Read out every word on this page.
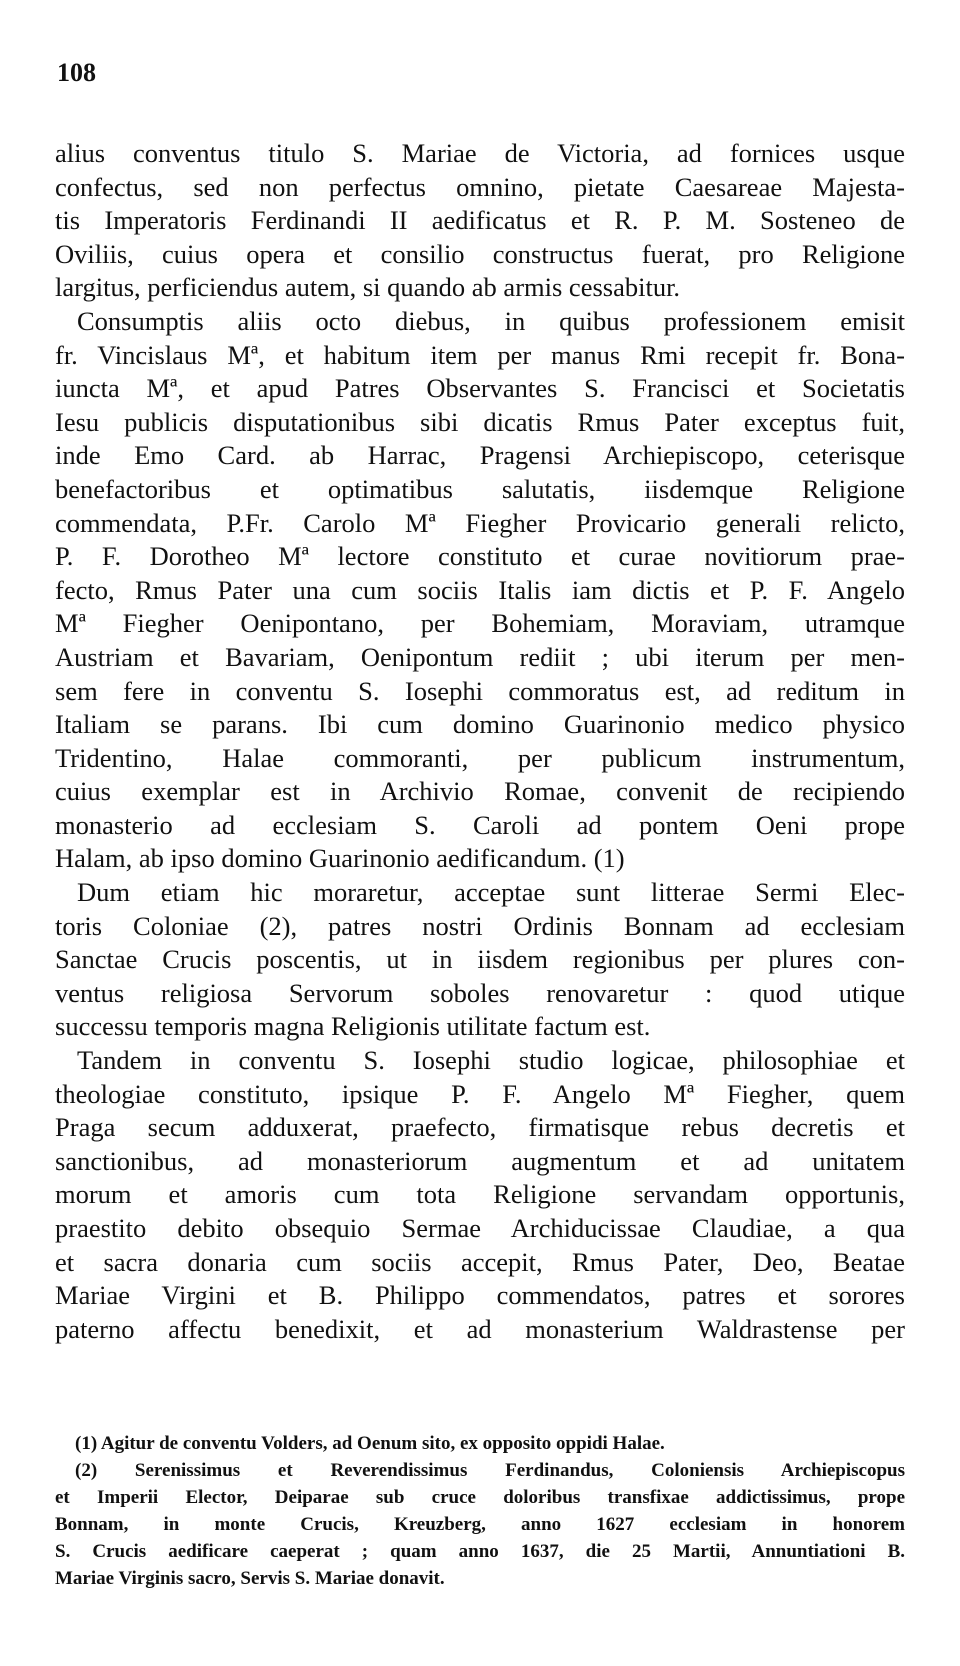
108
alius conventus titulo S. Mariae de Victoria, ad fornices usque
confectus, sed non perfectus omnino, pietate Caesareae Majesta-
tis Imperatoris Ferdinandi II aedificatus et R. P. M. Sosteneo de
Oviliis, cuius opera et consilio constructus fuerat, pro Religione
largitus, perficiendus autem, si quando ab armis cessabitur.
Consumptis aliis octo diebus, in quibus professionem emisit
fr. Vincislaus Mª, et habitum item per manus Rmi recepit fr. Bona-
iuncta Mª, et apud Patres Observantes S. Francisci et Societatis
Iesu publicis disputationibus sibi dicatis Rmus Pater exceptus fuit,
inde Emo Card. ab Harrac, Pragensi Archiepiscopo, ceterisque
benefactoribus et optimatibus salutatis, iisdemque Religione
commendata, P.Fr. Carolo Mª Fiegher Provicario generali relicto,
P. F. Dorotheo Mª lectore constituto et curae novitiorum prae-
fecto, Rmus Pater una cum sociis Italis iam dictis et P. F. Angelo
Mª Fiegher Oenipontano, per Bohemiam, Moraviam, utramque
Austriam et Bavariam, Oenipontum rediit ; ubi iterum per men-
sem fere in conventu S. Iosephi commoratus est, ad reditum in
Italiam se parans. Ibi cum domino Guarinonio medico physico
Tridentino, Halae commoranti, per publicum instrumentum,
cuius exemplar est in Archivio Romae, convenit de recipiendo
monasterio ad ecclesiam S. Caroli ad pontem Oeni prope
Halam, ab ipso domino Guarinonio aedificandum. (1)
Dum etiam hic moraretur, acceptae sunt litterae Sermi Elec-
toris Coloniae (2), patres nostri Ordinis Bonnam ad ecclesiam
Sanctae Crucis poscentis, ut in iisdem regionibus per plures con-
ventus religiosa Servorum soboles renovaretur : quod utique
successu temporis magna Religionis utilitate factum est.
Tandem in conventu S. Iosephi studio logicae, philosophiae et
theologiae constituto, ipsique P. F. Angelo Mª Fiegher, quem
Praga secum adduxerat, praefecto, firmatisque rebus decretis et
sanctionibus, ad monasteriorum augmentum et ad unitatem
morum et amoris cum tota Religione servandam opportunis,
praestito debito obsequio Sermae Archiducissae Claudiae, a qua
et sacra donaria cum sociis accepit, Rmus Pater, Deo, Beatae
Mariae Virgini et B. Philippo commendatos, patres et sorores
paterno affectu benedixit, et ad monasterium Waldrastense per
(1) Agitur de conventu Volders, ad Oenum sito, ex opposito oppidi Halae.
(2) Serenissimus et Reverendissimus Ferdinandus, Coloniensis Archiepiscopus
et Imperii Elector, Deiparae sub cruce doloribus transfixae addictissimus, prope
Bonnam, in monte Crucis, Kreuzberg, anno 1627 ecclesiam in honorem
S. Crucis aedificare caeperat ; quam anno 1637, die 25 Martii, Annuntiationi B.
Mariae Virginis sacro, Servis S. Mariae donavit.
